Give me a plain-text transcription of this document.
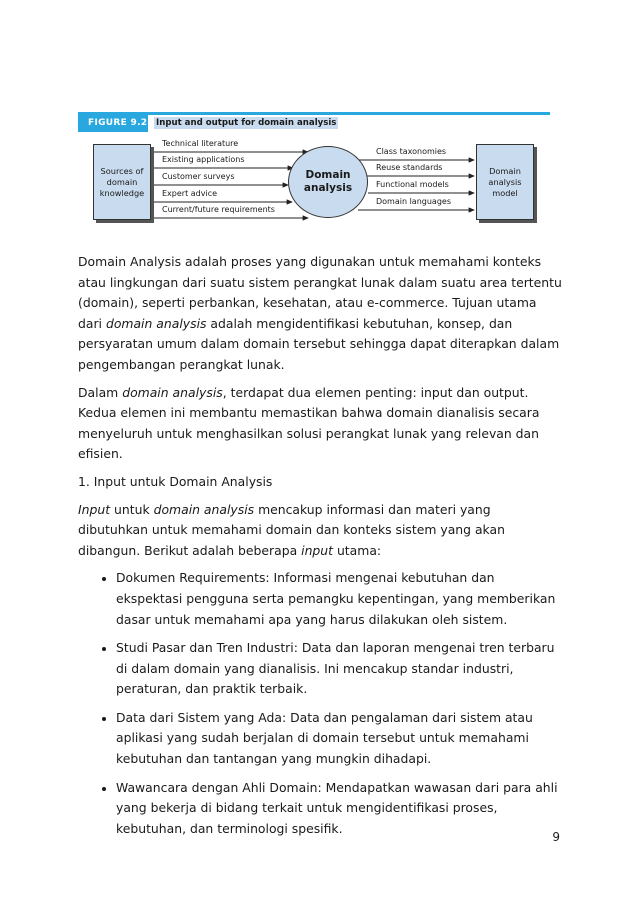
FIGURE 9.2 Input and output for domain analysis
Sources of domain knowledge
Domain
analysis
Domain analysis model
Technical literature
Existing applications
Customer surveys
Expert advice
Current/future requirements
Class taxonomies
Reuse standards
Functional models
Domain languages

Domain Analysis adalah proses yang digunakan untuk memahami konteks atau lingkungan dari suatu sistem perangkat lunak dalam suatu area tertentu (domain), seperti perbankan, kesehatan, atau e-commerce. Tujuan utama dari domain analysis adalah mengidentifikasi kebutuhan, konsep, dan persyaratan umum dalam domain tersebut sehingga dapat diterapkan dalam pengembangan perangkat lunak.

Dalam domain analysis, terdapat dua elemen penting: input dan output. Kedua elemen ini membantu memastikan bahwa domain dianalisis secara menyeluruh untuk menghasilkan solusi perangkat lunak yang relevan dan efisien.

1. Input untuk Domain Analysis

Input untuk domain analysis mencakup informasi dan materi yang dibutuhkan untuk memahami domain dan konteks sistem yang akan dibangun. Berikut adalah beberapa input utama:

• Dokumen Requirements: Informasi mengenai kebutuhan dan ekspektasi pengguna serta pemangku kepentingan, yang memberikan dasar untuk memahami apa yang harus dilakukan oleh sistem.
• Studi Pasar dan Tren Industri: Data dan laporan mengenai tren terbaru di dalam domain yang dianalisis. Ini mencakup standar industri, peraturan, dan praktik terbaik.
• Data dari Sistem yang Ada: Data dan pengalaman dari sistem atau aplikasi yang sudah berjalan di domain tersebut untuk memahami kebutuhan dan tantangan yang mungkin dihadapi.
• Wawancara dengan Ahli Domain: Mendapatkan wawasan dari para ahli yang bekerja di bidang terkait untuk mengidentifikasi proses, kebutuhan, dan terminologi spesifik.
9
